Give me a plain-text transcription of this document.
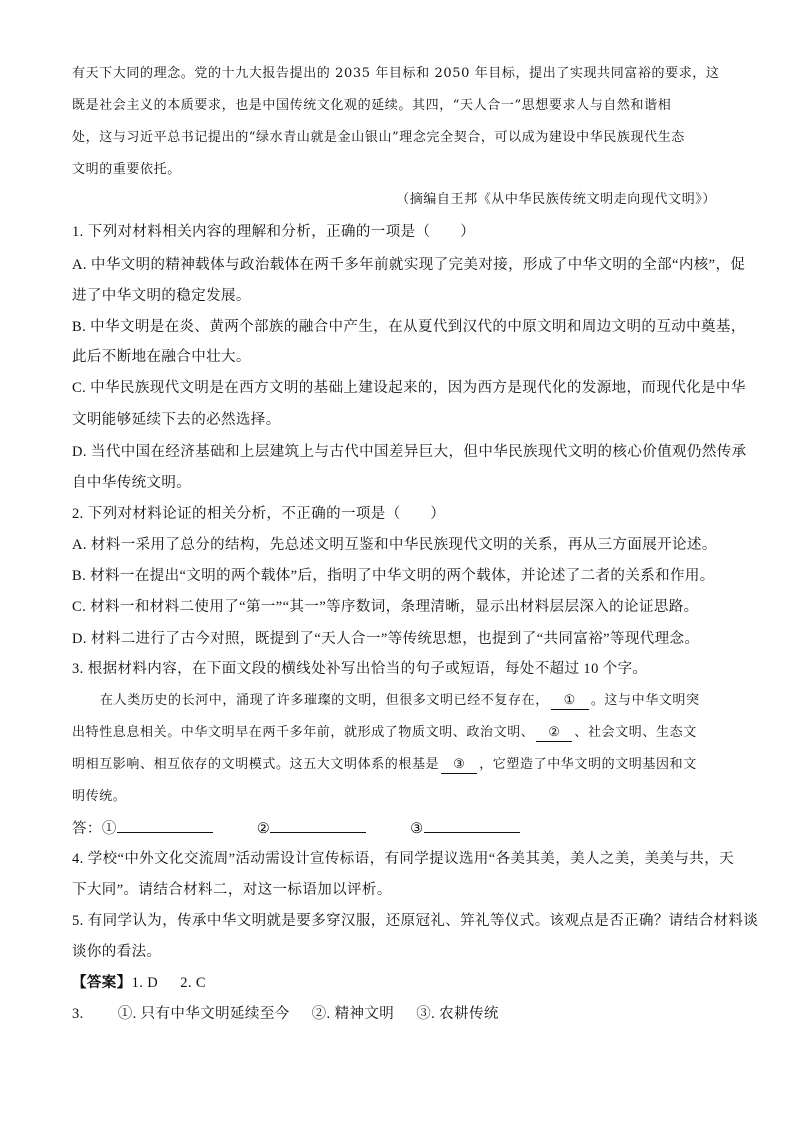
有天下大同的理念。党的十九大报告提出的 2035 年目标和 2050 年目标，提出了实现共同富裕的要求，这
既是社会主义的本质要求，也是中国传统文化观的延续。其四，“天人合一”思想要求人与自然和谐相
处，这与习近平总书记提出的“绿水青山就是金山银山”理念完全契合，可以成为建设中华民族现代生态
文明的重要依托。
（摘编自王邦《从中华民族传统文明走向现代文明》）
1. 下列对材料相关内容的理解和分析，正确的一项是（　　）
A. 中华文明的精神载体与政治载体在两千多年前就实现了完美对接，形成了中华文明的全部“内核”，促
进了中华文明的稳定发展。
B. 中华文明是在炎、黄两个部族的融合中产生，在从夏代到汉代的中原文明和周边文明的互动中奠基，
此后不断地在融合中壮大。
C. 中华民族现代文明是在西方文明的基础上建设起来的，因为西方是现代化的发源地，而现代化是中华
文明能够延续下去的必然选择。
D. 当代中国在经济基础和上层建筑上与古代中国差异巨大，但中华民族现代文明的核心价值观仍然传承
自中华传统文明。
2. 下列对材料论证的相关分析，不正确的一项是（　　）
A. 材料一采用了总分的结构，先总述文明互鉴和中华民族现代文明的关系，再从三方面展开论述。
B. 材料一在提出“文明的两个载体”后，指明了中华文明的两个载体，并论述了二者的关系和作用。
C. 材料一和材料二使用了“第一”“其一”等序数词，条理清晰，显示出材料层层深入的论证思路。
D. 材料二进行了古今对照，既提到了“天人合一”等传统思想，也提到了“共同富裕”等现代理念。
3. 根据材料内容，在下面文段的横线处补写出恰当的句子或短语，每处不超过 10 个字。
在人类历史的长河中，涌现了许多璀璨的文明，但很多文明已经不复存在， ① 。这与中华文明突
出特性息息相关。中华文明早在两千多年前，就形成了物质文明、政治文明、 ② 、社会文明、生态文
明相互影响、相互依存的文明模式。这五大文明体系的根基是 ③ ，它塑造了中华文明的文明基因和文
明传统。
答：①	②	③
4. 学校“中外文化交流周”活动需设计宣传标语，有同学提议选用“各美其美，美人之美，美美与共，天
下大同”。请结合材料二，对这一标语加以评析。
5. 有同学认为，传承中华文明就是要多穿汉服，还原冠礼、笄礼等仪式。该观点是否正确？请结合材料谈
谈你的看法。
【答案】1. D 2. C
3. ①. 只有中华文明延续至今 ②. 精神文明 ③. 农耕传统
